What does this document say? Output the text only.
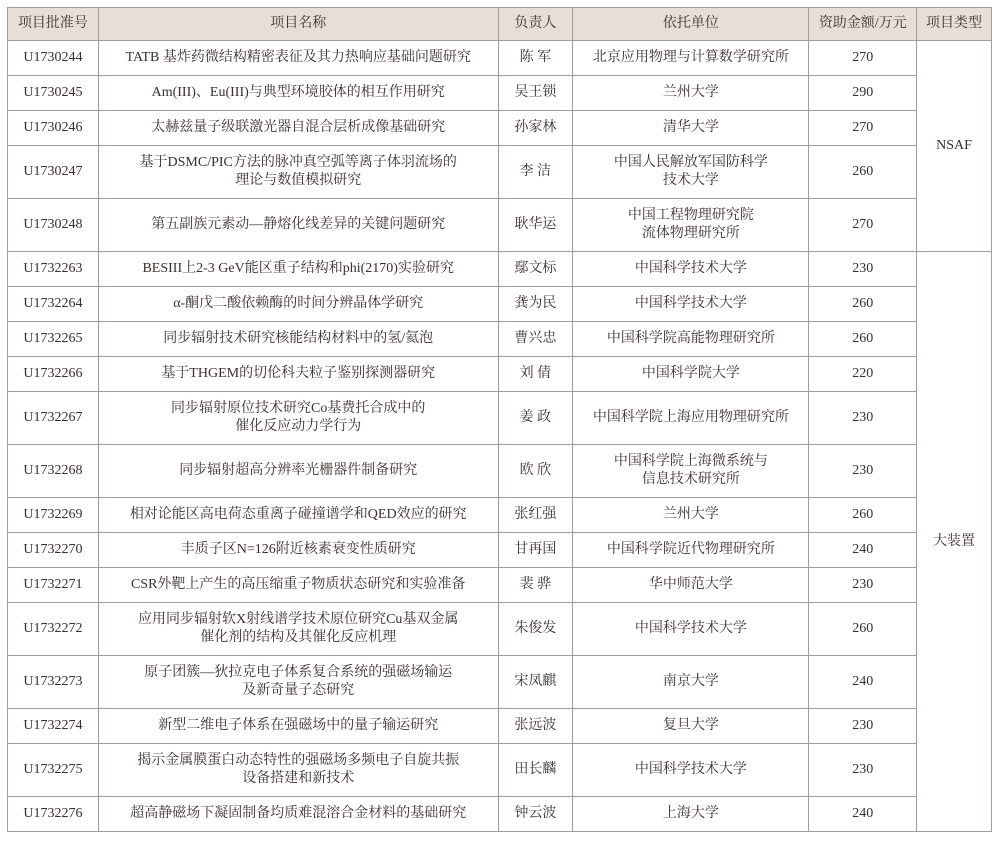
项目批准号	项目名称	负责人	依托单位	资助金额/万元	项目类型
U1730244	TATB 基炸药微结构精密表征及其力热响应基础问题研究	陈 军	北京应用物理与计算数学研究所	270	NSAF
U1730245	Am(III)、Eu(III)与典型环境胶体的相互作用研究	吴王锁	兰州大学	290	
U1730246	太赫兹量子级联激光器自混合层析成像基础研究	孙家林	清华大学	270	
U1730247	基于DSMC/PIC方法的脉冲真空弧等离子体羽流场的
理论与数值模拟研究	李 洁	中国人民解放军国防科学
技术大学	260	
U1730248	第五副族元素动—静熔化线差异的关键问题研究	耿华运	中国工程物理研究院
流体物理研究所	270	
U1732263	BESIII上2-3 GeV能区重子结构和phi(2170)实验研究	鄢文标	中国科学技术大学	230	大装置
U1732264	α-酮戊二酸依赖酶的时间分辨晶体学研究	龚为民	中国科学技术大学	260	
U1732265	同步辐射技术研究核能结构材料中的氢/氦泡	曹兴忠	中国科学院高能物理研究所	260	
U1732266	基于THGEM的切伦科夫粒子鉴别探测器研究	刘 倩	中国科学院大学	220	
U1732267	同步辐射原位技术研究Co基费托合成中的
催化反应动力学行为	姜 政	中国科学院上海应用物理研究所	230	
U1732268	同步辐射超高分辨率光栅器件制备研究	欧 欣	中国科学院上海微系统与
信息技术研究所	230	
U1732269	相对论能区高电荷态重离子碰撞谱学和QED效应的研究	张红强	兰州大学	260	
U1732270	丰质子区N=126附近核素衰变性质研究	甘再国	中国科学院近代物理研究所	240	
U1732271	CSR外靶上产生的高压缩重子物质状态研究和实验准备	裴 骅	华中师范大学	230	
U1732272	应用同步辐射软X射线谱学技术原位研究Cu基双金属
催化剂的结构及其催化反应机理	朱俊发	中国科学技术大学	260	
U1732273	原子团簇—狄拉克电子体系复合系统的强磁场输运
及新奇量子态研究	宋凤麒	南京大学	240	
U1732274	新型二维电子体系在强磁场中的量子输运研究	张远波	复旦大学	230	
U1732275	揭示金属膜蛋白动态特性的强磁场多频电子自旋共振
设备搭建和新技术	田长麟	中国科学技术大学	230	
U1732276	超高静磁场下凝固制备均质难混溶合金材料的基础研究	钟云波	上海大学	240	
